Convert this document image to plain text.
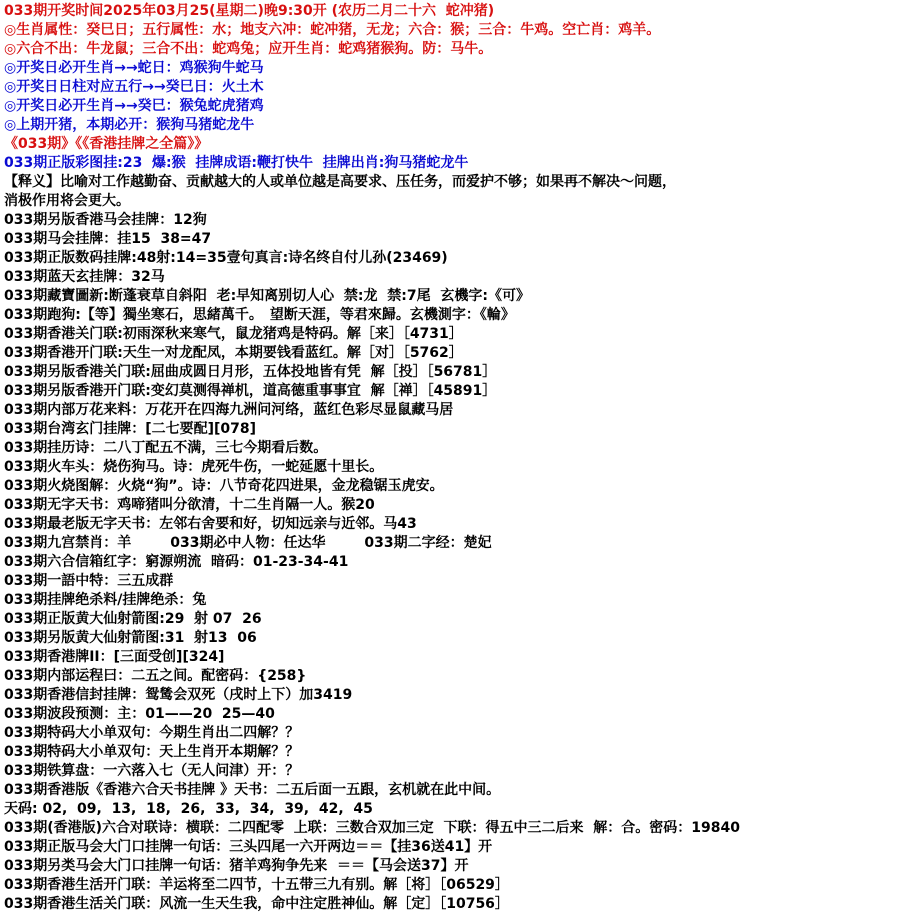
033期开奖时间2025年03月25(星期二)晚9:30开 (农历二月二十六  蛇冲猪)
◎生肖属性：癸巳日；五行属性：水；地支六冲：蛇冲猪，无龙；六合：猴；三合：牛鸡。空亡肖：鸡羊。
◎六合不出：牛龙鼠；三合不出：蛇鸡兔；应开生肖：蛇鸡猪猴狗。防：马牛。
◎开奖日必开生肖→→蛇日：鸡猴狗牛蛇马
◎开奖日日柱对应五行→→癸巳日：火土木
◎开奖日必开生肖→→癸巳：猴兔蛇虎猪鸡
◎上期开猪，本期必开：猴狗马猪蛇龙牛
《033期》《《香港挂牌之全篇》》
033期正版彩图挂:23  爆:猴  挂牌成语:鞭打快牛  挂牌出肖:狗马猪蛇龙牛
【释义】比喻对工作越勤奋、贡献越大的人或单位越是高要求、压任务，而爱护不够；如果再不解决～问题，
消极作用将会更大。
033期另版香港马会挂牌：12狗
033期马会挂牌：挂15  38=47
033期正版数码挂牌:48射:14=35壹句真言:诗名终自付儿孙(23469)
033期蓝天玄挂牌：32马
033期藏寶圖新:断蓬衰草自斜阳  老:早知离别切人心  禁:龙  禁:7尾  玄機字:《可》
033期跑狗:【等】獨坐寒石，思緒萬千。　望断天涯，等君來歸。玄機測字：《輪》
033期香港关门联:初雨深秋来寒气，鼠龙猪鸡是特码。解［来］［4731］
033期香港开门联:天生一对龙配凤，本期要钱看蓝红。解［对］［5762］
033期另版香港关门联:屈曲成圆日月形，五体投地皆有凭  解［投］［56781］
033期另版香港开门联:变幻莫测得禅机，道高德重事事宜  解［禅］［45891］
033期内部万花来料：万花开在四海九洲问河络，蓝红色彩尽显鼠藏马居
033期台湾玄门挂牌：[二七要配][078]
033期挂历诗：二八丁配五不满，三七今期看后数。
033期火车头：烧伤狗马。诗：虎死牛伤，一蛇延愿十里长。
033期火烧图解：火烧“狗”。诗：八节奇花四进果，金龙稳锯玉虎安。
033期无字天书：鸡啼猪叫分欲清，十二生肖隔一人。猴20
033期最老版无字天书：左邻右舍要和好，切知远亲与近邻。马43
033期九宫禁肖：羊        033期必中人物：任达华        033期二字经：楚妃
033期六合信箱红字：窮源朔流  暗码：01-23-34-41
033期一語中特：三五成群
033期挂牌绝杀料/挂牌绝杀：兔
033期正版黄大仙射箭图:29  射 07  26
033期另版黄大仙射箭图:31  射13  06
033期香港牌II：[三面受创][324]
033期内部运程曰：二五之间。配密码：{258}
033期香港信封挂牌：鸳鸶会双死（戌时上下）加3419
033期波段预测：主：01——20  25—40
033期特码大小单双句：今期生肖出二四解？？
033期特码大小单双句：天上生肖开本期解？？
033期铁算盘：一六落入七（无人问津）开：？
033期香港版《香港六合天书挂牌 》天书：二五后面一五跟，玄机就在此中间。
天码: 02,  09,  13,  18,  26,  33,  34,  39,  42,  45
033期(香港版)六合对联诗：横联：二四配零  上联：三数合双加三定  下联：得五中三二后来  解：合。密码：19840
033期正版马会大门口挂牌一句话：三头四尾一六开两边＝＝【挂36送41】开
033期另类马会大门口挂牌一句话：猪羊鸡狗争先来  ＝＝【马会送37】开
033期香港生活开门联：羊运将至二四节，十五带三九有别。解［将］［06529］
033期香港生活关门联：风流一生天生我，命中注定胜神仙。解［定］［10756］
